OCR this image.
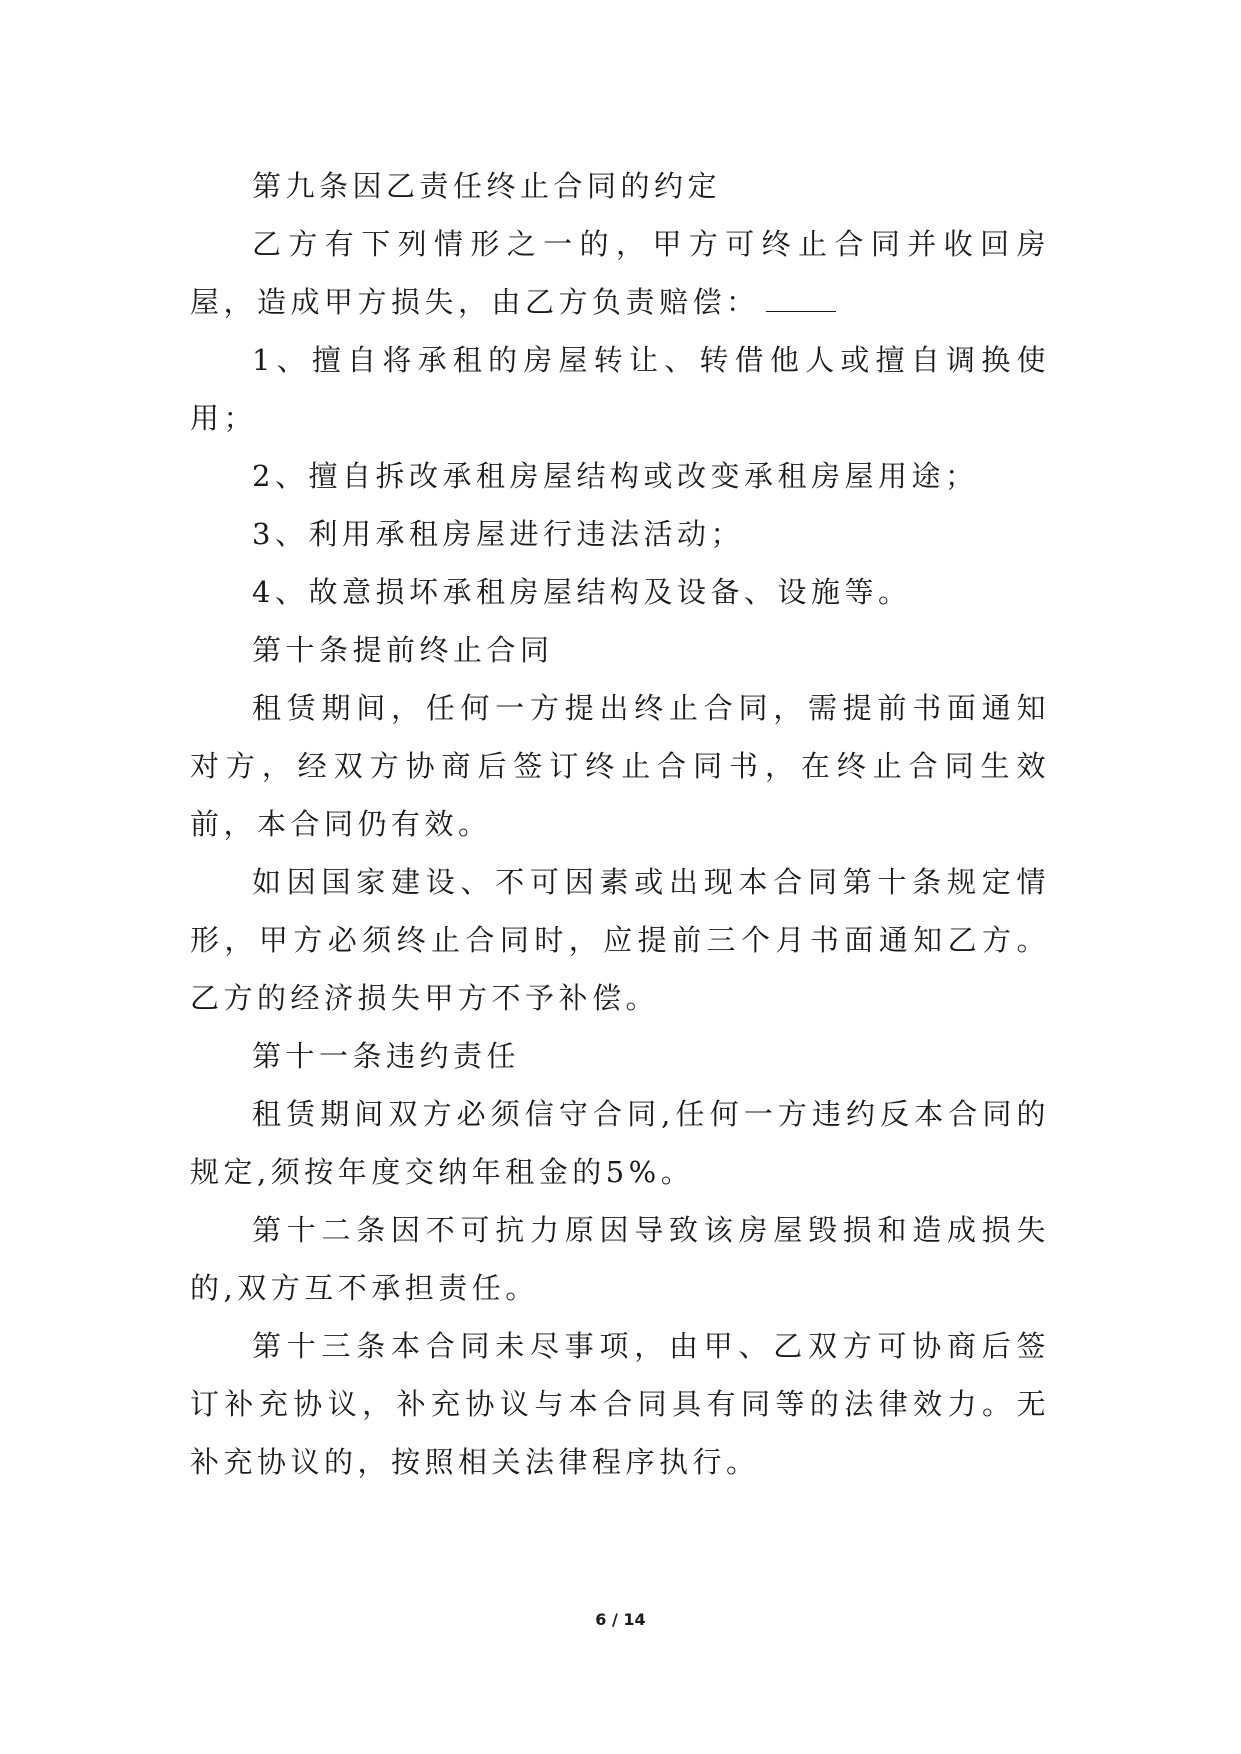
第九条因乙责任终止合同的约定

乙方有下列情形之一的，甲方可终止合同并收回房屋，造成甲方损失，由乙方负责赔偿：

1、擅自将承租的房屋转让、转借他人或擅自调换使用；

2、擅自拆改承租房屋结构或改变承租房屋用途；

3、利用承租房屋进行违法活动；

4、故意损坏承租房屋结构及设备、设施等。

第十条提前终止合同

租赁期间，任何一方提出终止合同，需提前书面通知对方，经双方协商后签订终止合同书，在终止合同生效前，本合同仍有效。

如因国家建设、不可因素或出现本合同第十条规定情形，甲方必须终止合同时，应提前三个月书面通知乙方。乙方的经济损失甲方不予补偿。

第十一条违约责任

租赁期间双方必须信守合同,任何一方违约反本合同的规定,须按年度交纳年租金的5%。

第十二条因不可抗力原因导致该房屋毁损和造成损失的,双方互不承担责任。

第十三条本合同未尽事项，由甲、乙双方可协商后签订补充协议，补充协议与本合同具有同等的法律效力。无补充协议的，按照相关法律程序执行。

6 / 14
